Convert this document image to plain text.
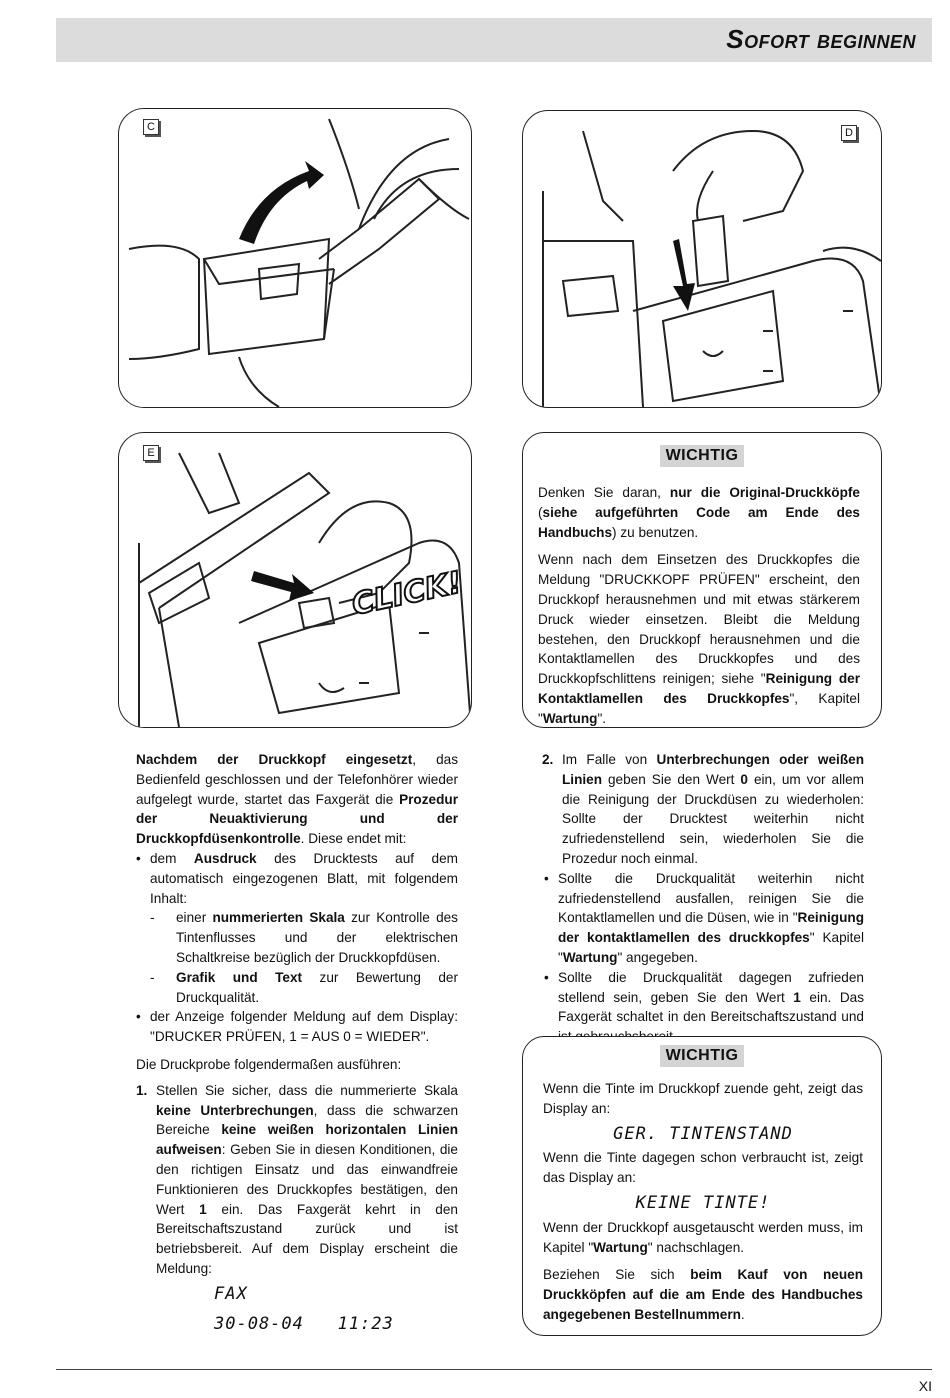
Sofort beginnen
C	D
CLICK!
E	WICHTIG

Denken Sie daran, nur die Original-Druckköpfe (siehe aufgeführten Code am Ende des Handbuchs) zu benutzen.

Wenn nach dem Einsetzen des Druckkopfes die Meldung "DRUCKKOPF PRÜFEN" erscheint, den Druckkopf herausnehmen und mit etwas stärkerem Druck wieder einsetzen. Bleibt die Meldung bestehen, den Druckkopf herausnehmen und die Kontaktlamellen des Druckkopfes und des Druckkopfschlittens reinigen; siehe "Reinigung der Kontaktlamellen des Druckkopfes", Kapitel "Wartung".

Nachdem der Druckkopf eingesetzt, das Bedienfeld geschlossen und der Telefonhörer wieder aufgelegt wurde, startet das Faxgerät die Prozedur der Neuaktivierung und der Druckkopfdüsenkontrolle. Diese endet mit:

• dem Ausdruck des Drucktests auf dem automatisch eingezogenen Blatt, mit folgendem Inhalt:
- einer nummerierten Skala zur Kontrolle des Tintenflusses und der elektrischen Schaltkreise bezüglich der Druckkopfdüsen.
- Grafik und Text zur Bewertung der Druckqualität.
• der Anzeige folgender Meldung auf dem Display: "DRUCKER PRÜFEN, 1 = AUS 0 = WIEDER".

Die Druckprobe folgendermaßen ausführen:

1. Stellen Sie sicher, dass die nummerierte Skala keine Unterbrechungen, dass die schwarzen Bereiche keine weißen horizontalen Linien aufweisen: Geben Sie in diesen Konditionen, die den richtigen Einsatz und das einwandfreie Funktionieren des Druckkopfes bestätigen, den Wert 1 ein. Das Faxgerät kehrt in den Bereitschaftszustand zurück und ist betriebsbereit. Auf dem Display erscheint die Meldung:
FAX
30-08-04   11:23
2. Im Falle von Unterbrechungen oder weißen Linien geben Sie den Wert 0 ein, um vor allem die Reinigung der Druckdüsen zu wiederholen: Sollte der Drucktest weiterhin nicht zufriedenstellend sein, wiederholen Sie die Prozedur noch einmal.
• Sollte die Druckqualität weiterhin nicht zufriedenstellend ausfallen, reinigen Sie die Kontaktlamellen und die Düsen, wie in "Reinigung der kontaktlamellen des druckkopfes" Kapitel "Wartung" angegeben.
• Sollte die Druckqualität dagegen zufrieden stellend sein, geben Sie den Wert 1 ein. Das Faxgerät schaltet in den Bereitschaftszustand und
WICHTIG

Wenn die Tinte im Druckkopf zuende geht, zeigt das Display an:

GER. TINTENSTAND

Wenn die Tinte dagegen schon verbraucht ist, zeigt das Display an:

KEINE TINTE!

Wenn der Druckkopf ausgetauscht werden muss, im Kapitel "Wartung" nachschlagen.

Beziehen Sie sich beim Kauf von neuen Druckköpfen auf die am Ende des Handbuches angegebenen Bestellnummern.

XI
